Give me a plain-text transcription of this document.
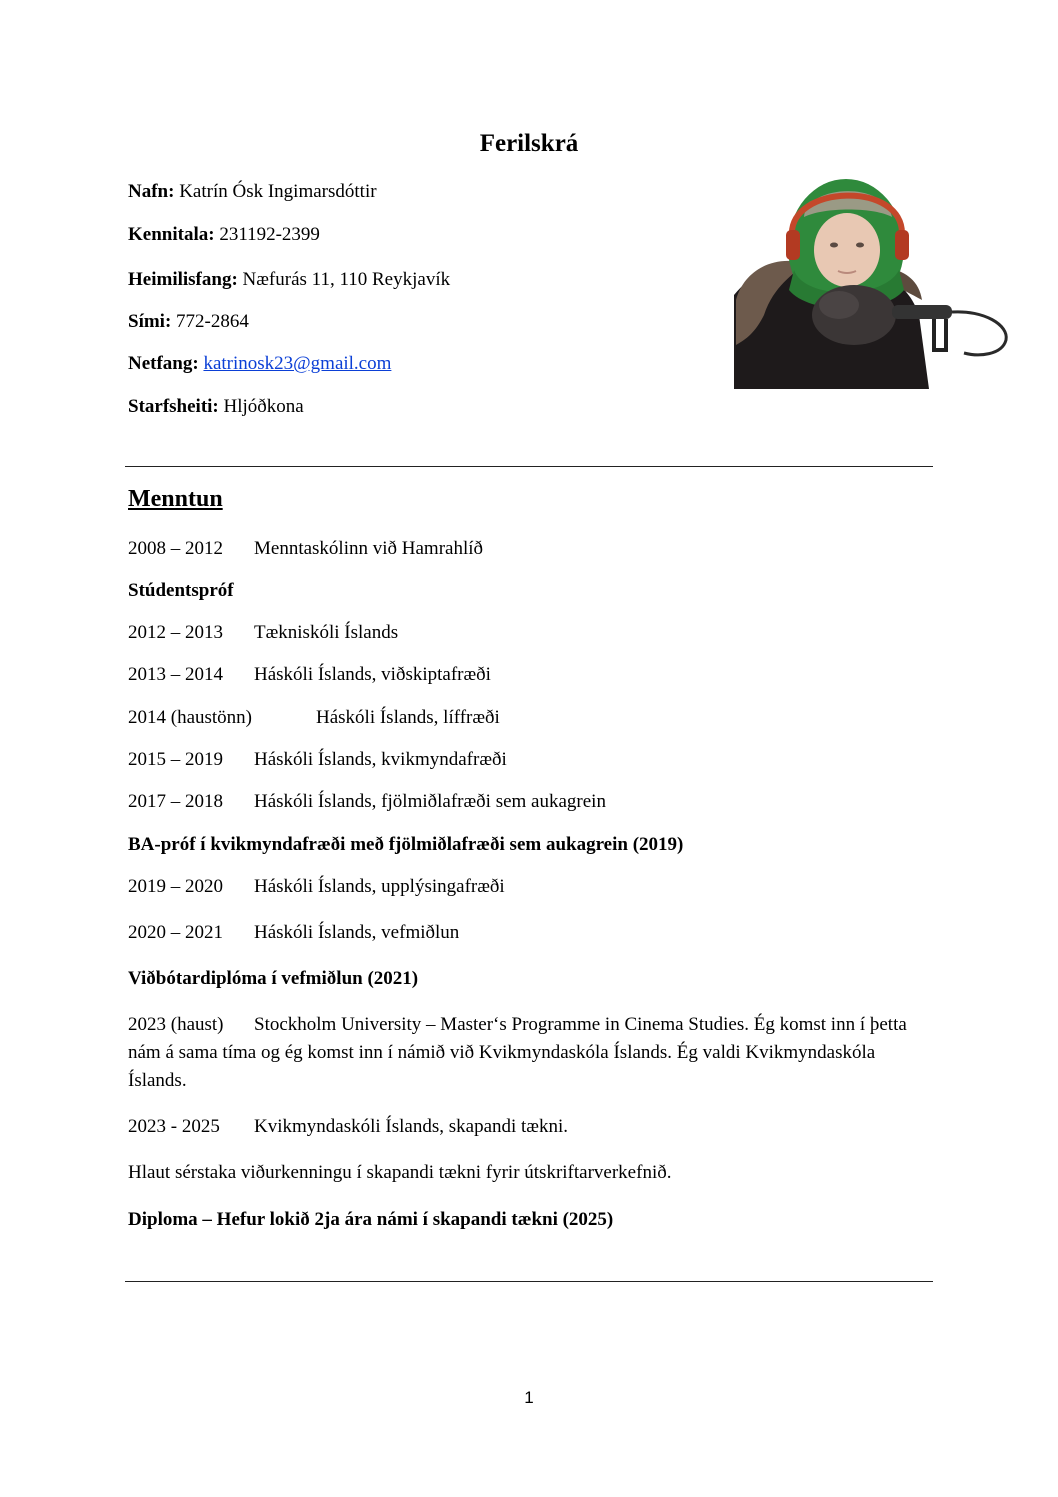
Ferilskrá
Nafn: Katrín Ósk Ingimarsdóttir
Kennitala: 231192-2399
Heimilisfang: Næfurás 11, 110 Reykjavík
Sími: 772-2864
Netfang: katrinosk23@gmail.com
Starfsheiti: Hljóðkona
Menntun
2008 – 2012 Menntaskólinn við Hamrahlíð
Stúdentspróf
2012 – 2013 Tækniskóli Íslands
2013 – 2014 Háskóli Íslands, viðskiptafræði
2014 (haustönn)	Háskóli Íslands, líffræði
2015 – 2019 Háskóli Íslands, kvikmyndafræði
2017 – 2018 Háskóli Íslands, fjölmiðlafræði sem aukagrein
BA-próf í kvikmyndafræði með fjölmiðlafræði sem aukagrein (2019)
2019 – 2020 Háskóli Íslands, upplýsingafræði
2020 – 2021 Háskóli Íslands, vefmiðlun
Viðbótardiplóma í vefmiðlun (2021)
2023 (haust) Stockholm University – Master‘s Programme in Cinema Studies. Ég komst inn í þetta nám á sama tíma og ég komst inn í námið við Kvikmyndaskóla Íslands. Ég valdi Kvikmyndaskóla Íslands.
2023 - 2025 Kvikmyndaskóli Íslands, skapandi tækni.
Hlaut sérstaka viðurkenningu í skapandi tækni fyrir útskriftarverkefnið.
Diploma – Hefur lokið 2ja ára námi í skapandi tækni (2025)
1
